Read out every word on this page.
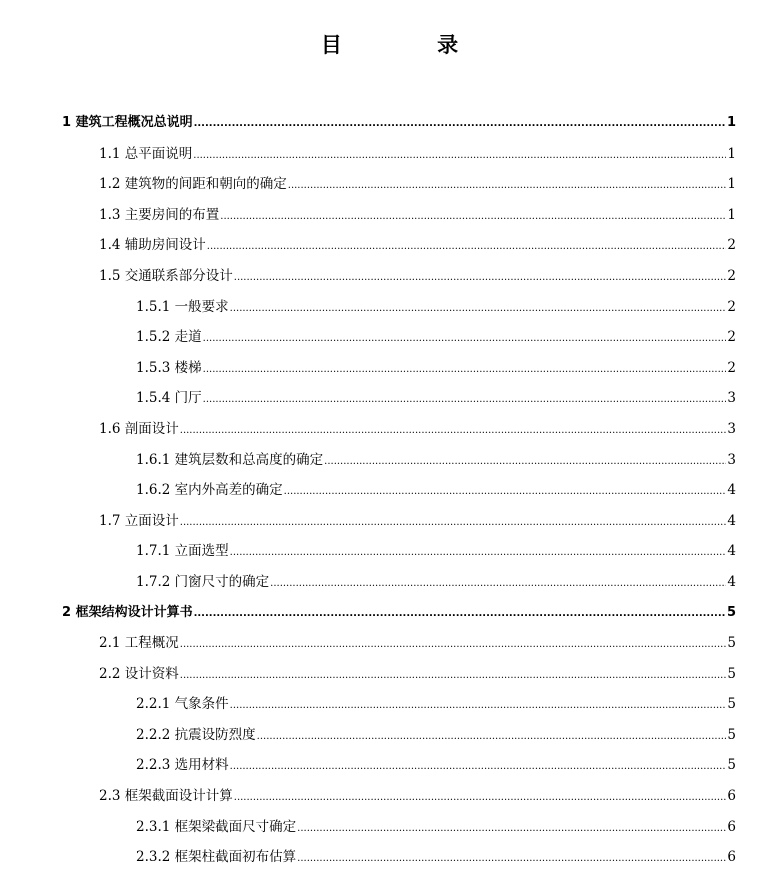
目 录
1 建筑工程概况总说明 .....	1
1.1 总平面说明 .....	1
1.2 建筑物的间距和朝向的确定 .....	1
1.3 主要房间的布置 .....	1
1.4 辅助房间设计 .....	2
1.5 交通联系部分设计 .....	2
1.5.1 一般要求 .....	2
1.5.2 走道 .....	2
1.5.3 楼梯 .....	2
1.5.4 门厅 .....	3
1.6 剖面设计 .....	3
1.6.1 建筑层数和总高度的确定 .....	3
1.6.2 室内外高差的确定 .....	4
1.7 立面设计 .....	4
1.7.1 立面选型 .....	4
1.7.2 门窗尺寸的确定 .....	4
2 框架结构设计计算书 .....	5
2.1 工程概况 .....	5
2.2 设计资料 .....	5
2.2.1 气象条件 .....	5
2.2.2 抗震设防烈度 .....	5
2.2.3 选用材料 .....	5
2.3 框架截面设计计算 .....	6
2.3.1 框架梁截面尺寸确定 .....	6
2.3.2 框架柱截面初布估算 .....	6
